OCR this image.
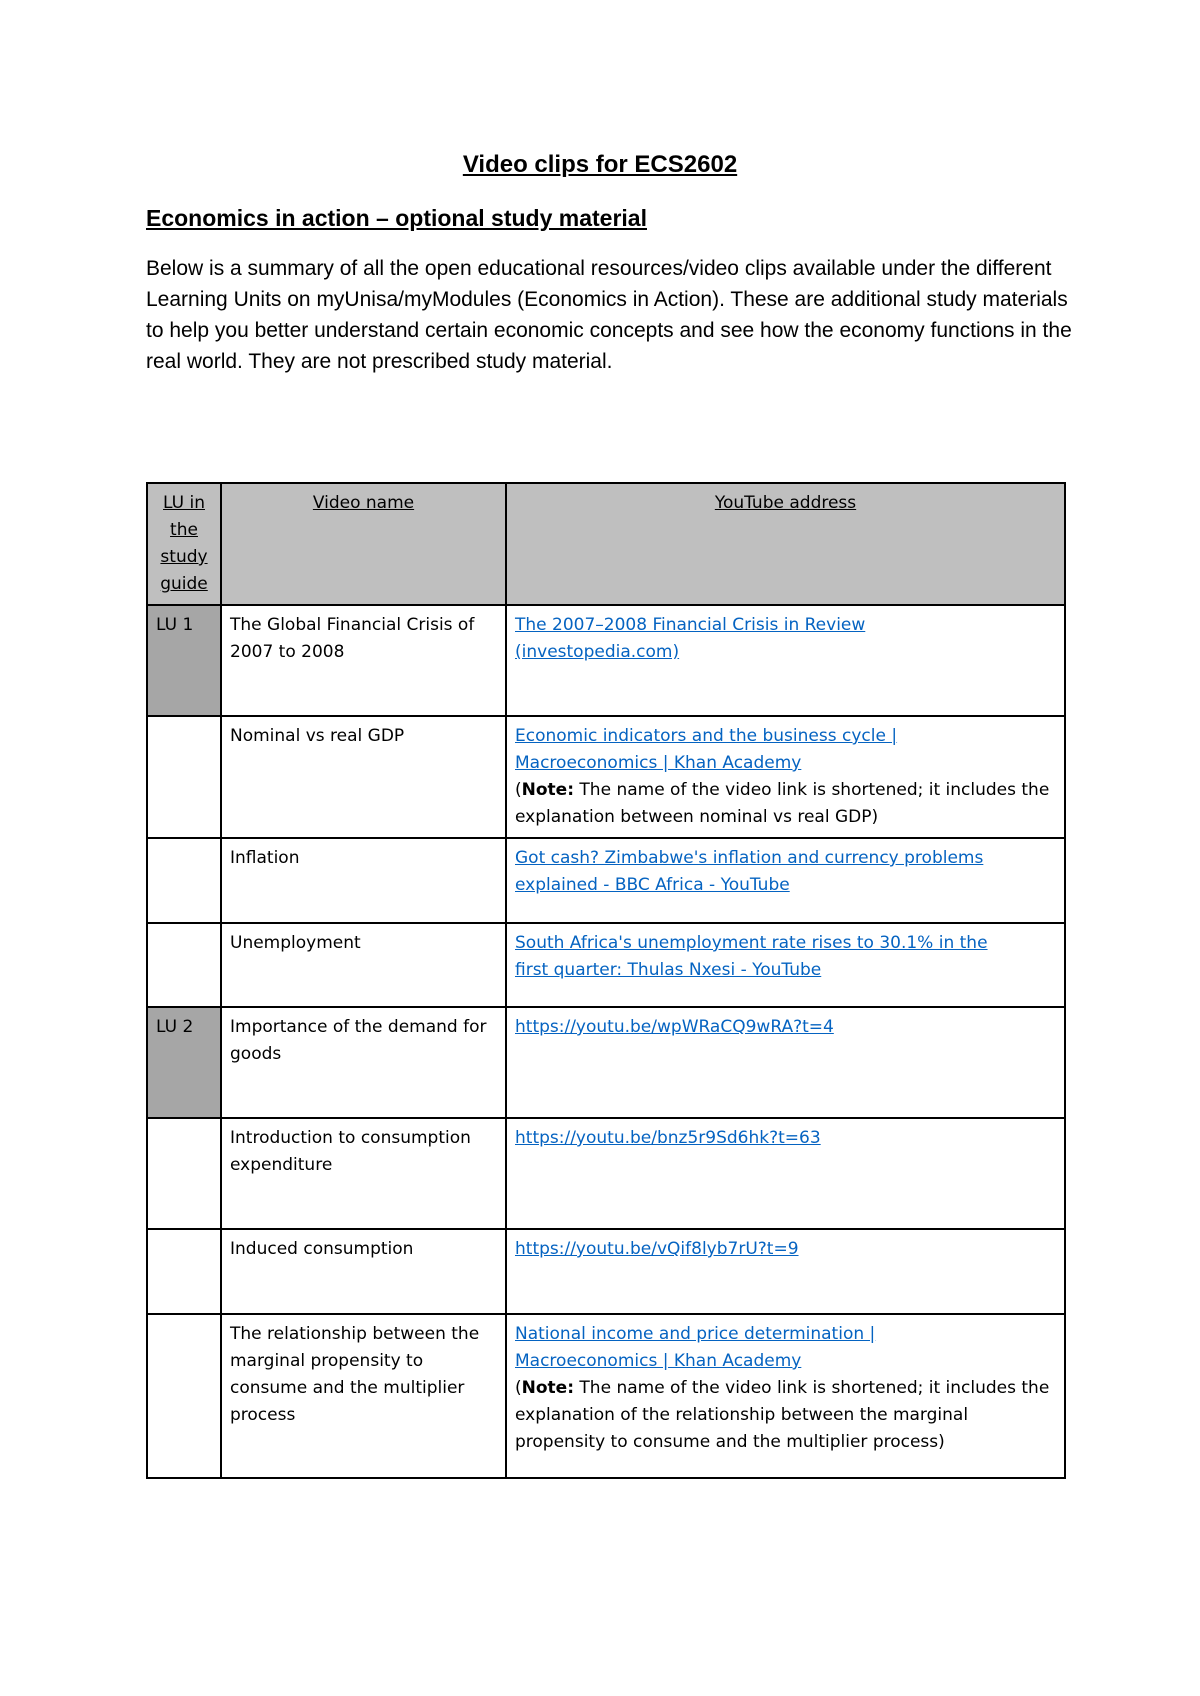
Video clips for ECS2602
Economics in action – optional study material

Below is a summary of all the open educational resources/video clips available under the different Learning Units on myUnisa/myModules (Economics in Action). These are additional study materials to help you better understand certain economic concepts and see how the economy functions in the real world. They are not prescribed study material.

LU in the study guide	Video name	YouTube address
LU 1	The Global Financial Crisis of 2007 to 2008	The 2007–2008 Financial Crisis in Review
(investopedia.com)

	Nominal vs real GDP	Economic indicators and the business cycle |
Macroeconomics | Khan Academy
(Note: The name of the video link is shortened; it includes the explanation between nominal vs real GDP)

	Inflation	Got cash? Zimbabwe's inflation and currency problems
explained - BBC Africa - YouTube

	Unemployment	South Africa's unemployment rate rises to 30.1% in the
first quarter: Thulas Nxesi - YouTube

LU 2	Importance of the demand for goods	https://youtu.be/wpWRaCQ9wRA?t=4

	Introduction to consumption expenditure	https://youtu.be/bnz5r9Sd6hk?t=63

	Induced consumption	https://youtu.be/vQif8lyb7rU?t=9

	The relationship between the marginal propensity to consume and the multiplier process	National income and price determination |
Macroeconomics | Khan Academy
(Note: The name of the video link is shortened; it includes the explanation of the relationship between the marginal propensity to consume and the multiplier process)
